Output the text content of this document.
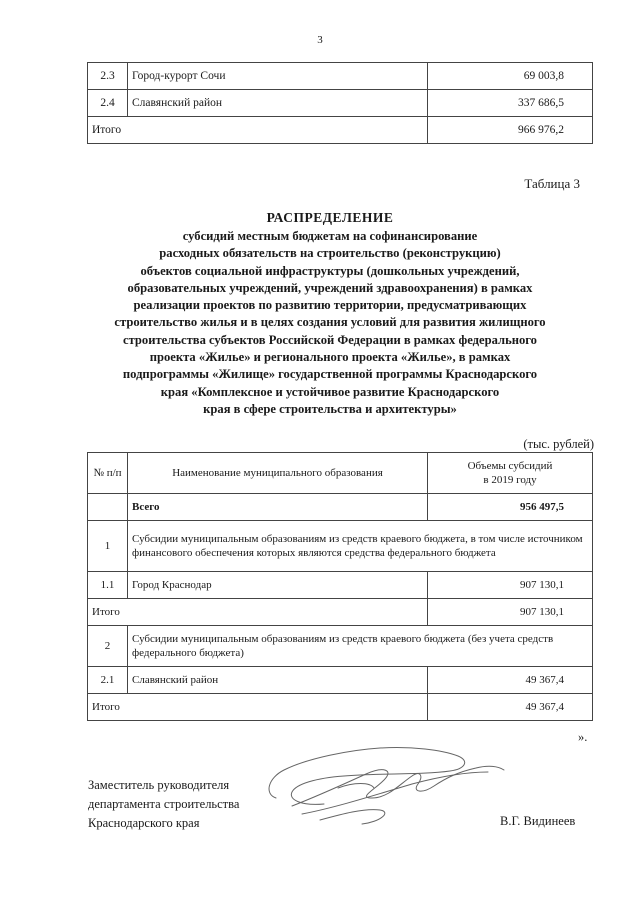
3
2.3	Город-курорт Сочи	69 003,8
2.4	Славянский район	337 686,5
Итого		966 976,2
Таблица 3
РАСПРЕДЕЛЕНИЕ
субсидий местным бюджетам на софинансирование
расходных обязательств на строительство (реконструкцию)
объектов социальной инфраструктуры (дошкольных учреждений,
образовательных учреждений, учреждений здравоохранения) в рамках
реализации проектов по развитию территории, предусматривающих
строительство жилья и в целях создания условий для развития жилищного
строительства субъектов Российской Федерации в рамках федерального
проекта «Жилье» и регионального проекта «Жилье», в рамках
подпрограммы «Жилище» государственной программы Краснодарского
края «Комплексное и устойчивое развитие Краснодарского
края в сфере строительства и архитектуры»
(тыс. рублей)
№ п/п	Наименование муниципального образования	Объемы субсидий
в 2019 году

	Всего	956 497,5
1	Субсидии муниципальным образованиям из средств краевого бюджета, в том числе источником финансового обеспечения которых являются средства федерального бюджета	
1.1	Город Краснодар	907 130,1
Итого		907 130,1
2	Субсидии муниципальным образованиям из средств краевого бюджета (без учета средств федерального бюджета)	
2.1	Славянский район	49 367,4
Итого		49 367,4
».
Заместитель руководителя
департамента строительства
Краснодарского края	В.Г. Видинеев
